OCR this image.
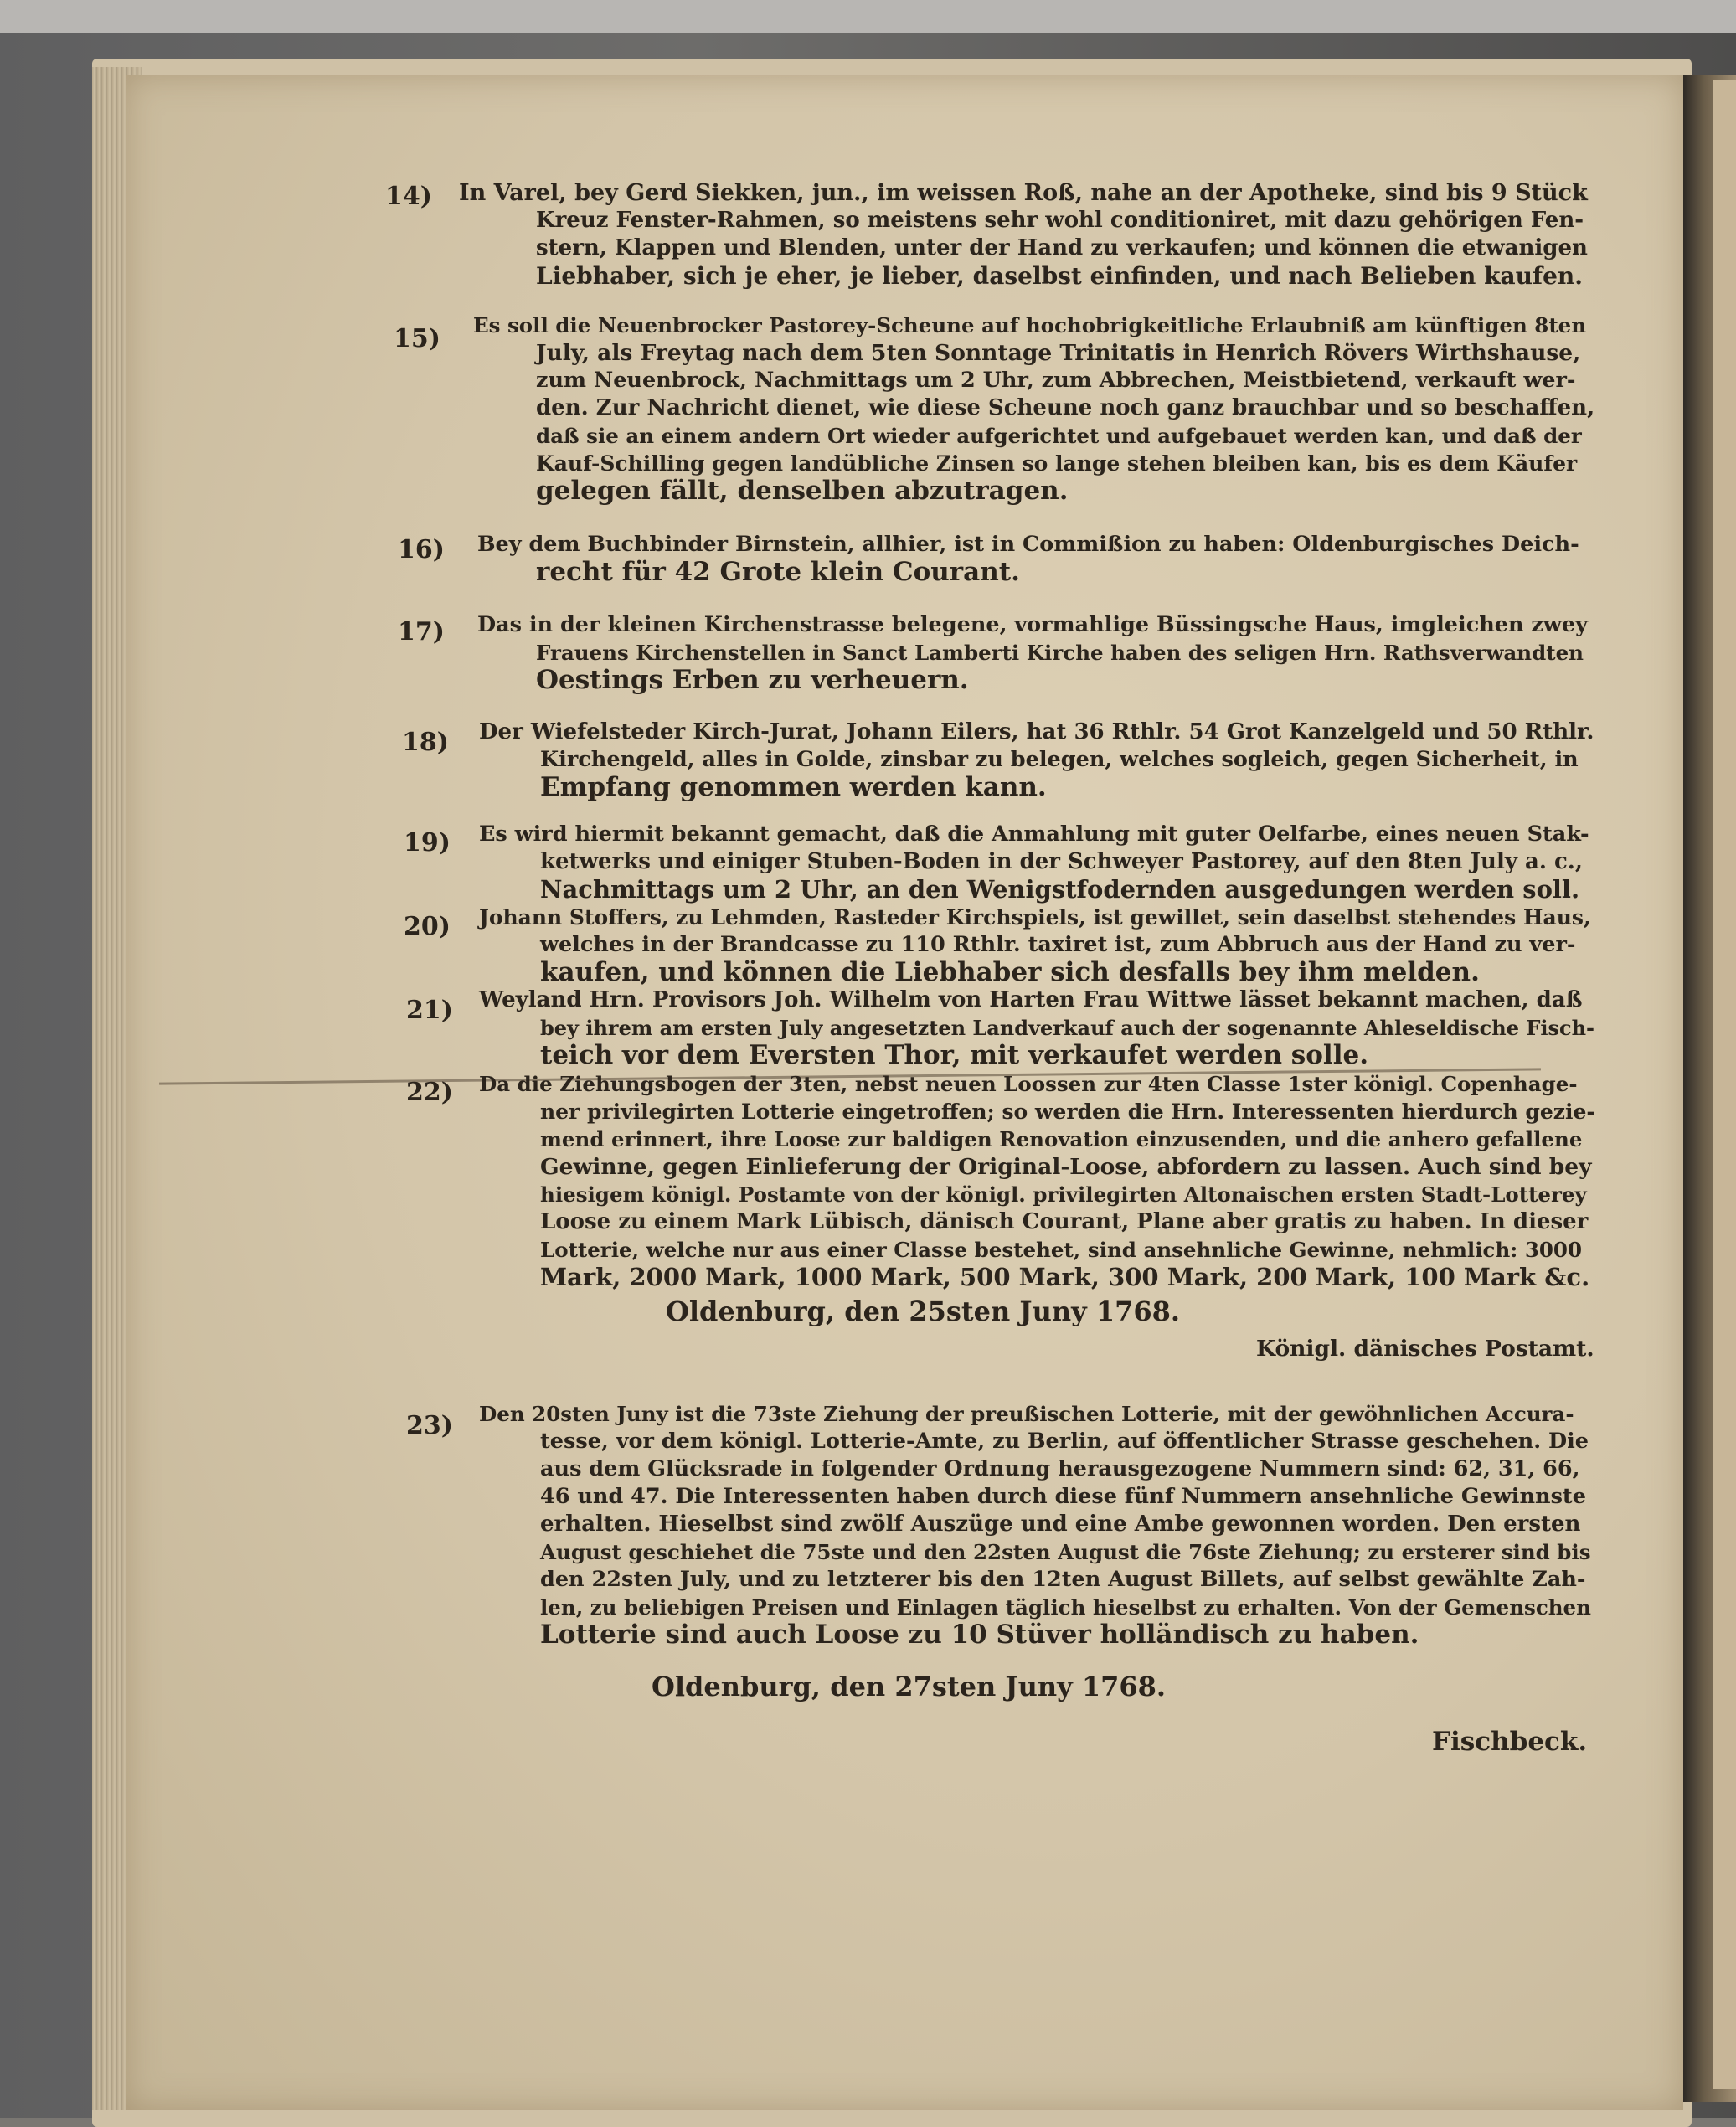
14) In Varel, bey Gerd Siekken, jun., im weissen Roß, nahe an der Apotheke, sind bis 9 Stück
Kreuz Fenster-Rahmen, so meistens sehr wohl conditioniret, mit dazu gehörigen Fen-
stern, Klappen und Blenden, unter der Hand zu verkaufen; und können die etwanigen
Liebhaber, sich je eher, je lieber, daselbst einfinden, und nach Belieben kaufen.
15) Es soll die Neuenbrocker Pastorey-Scheune auf hochobrigkeitliche Erlaubniß am künftigen 8ten
July, als Freytag nach dem 5ten Sonntage Trinitatis in Henrich Rövers Wirthshause,
zum Neuenbrock, Nachmittags um 2 Uhr, zum Abbrechen, Meistbietend, verkauft wer-
den. Zur Nachricht dienet, wie diese Scheune noch ganz brauchbar und so beschaffen,
daß sie an einem andern Ort wieder aufgerichtet und aufgebauet werden kan, und daß der
Kauf-Schilling gegen landübliche Zinsen so lange stehen bleiben kan, bis es dem Käufer
gelegen fällt, denselben abzutragen.
16) Bey dem Buchbinder Birnstein, allhier, ist in Commißion zu haben: Oldenburgisches Deich-
recht für 42 Grote klein Courant.
17) Das in der kleinen Kirchenstrasse belegene, vormahlige Büssingsche Haus, imgleichen zwey
Frauens Kirchenstellen in Sanct Lamberti Kirche haben des seligen Hrn. Rathsverwandten
Oestings Erben zu verheuern.
18) Der Wiefelsteder Kirch-Jurat, Johann Eilers, hat 36 Rthlr. 54 Grot Kanzelgeld und 50 Rthlr.
Kirchengeld, alles in Golde, zinsbar zu belegen, welches sogleich, gegen Sicherheit, in
Empfang genommen werden kann.
19) Es wird hiermit bekannt gemacht, daß die Anmahlung mit guter Oelfarbe, eines neuen Stak-
ketwerks und einiger Stuben-Boden in der Schweyer Pastorey, auf den 8ten July a. c.,
Nachmittags um 2 Uhr, an den Wenigstfodernden ausgedungen werden soll.
20) Johann Stoffers, zu Lehmden, Rasteder Kirchspiels, ist gewillet, sein daselbst stehendes Haus,
welches in der Brandcasse zu 110 Rthlr. taxiret ist, zum Abbruch aus der Hand zu ver-
kaufen, und können die Liebhaber sich desfalls bey ihm melden.
21) Weyland Hrn. Provisors Joh. Wilhelm von Harten Frau Wittwe lässet bekannt machen, daß
bey ihrem am ersten July angesetzten Landverkauf auch der sogenannte Ahleseldische Fisch-
teich vor dem Eversten Thor, mit verkaufet werden solle.
22) Da die Ziehungsbogen der 3ten, nebst neuen Loossen zur 4ten Classe 1ster königl. Copenhage-
ner privilegirten Lotterie eingetroffen; so werden die Hrn. Interessenten hierdurch gezie-
mend erinnert, ihre Loose zur baldigen Renovation einzusenden, und die anhero gefallene
Gewinne, gegen Einlieferung der Original-Loose, abfordern zu lassen. Auch sind bey
hiesigem königl. Postamte von der königl. privilegirten Altonaischen ersten Stadt-Lotterey
Loose zu einem Mark Lübisch, dänisch Courant, Plane aber gratis zu haben. In dieser
Lotterie, welche nur aus einer Classe bestehet, sind ansehnliche Gewinne, nehmlich: 3000
Mark, 2000 Mark, 1000 Mark, 500 Mark, 300 Mark, 200 Mark, 100 Mark &c.
Oldenburg, den 25sten Juny 1768.
Königl. dänisches Postamt.
23) Den 20sten Juny ist die 73ste Ziehung der preußischen Lotterie, mit der gewöhnlichen Accura-
tesse, vor dem königl. Lotterie-Amte, zu Berlin, auf öffentlicher Strasse geschehen. Die
aus dem Glücksrade in folgender Ordnung herausgezogene Nummern sind: 62, 31, 66,
46 und 47. Die Interessenten haben durch diese fünf Nummern ansehnliche Gewinnste
erhalten. Hieselbst sind zwölf Auszüge und eine Ambe gewonnen worden. Den ersten
August geschiehet die 75ste und den 22sten August die 76ste Ziehung; zu ersterer sind bis
den 22sten July, und zu letzterer bis den 12ten August Billets, auf selbst gewählte Zah-
len, zu beliebigen Preisen und Einlagen täglich hieselbst zu erhalten. Von der Gemenschen
Lotterie sind auch Loose zu 10 Stüver holländisch zu haben.
Oldenburg, den 27sten Juny 1768.
Fischbeck.
